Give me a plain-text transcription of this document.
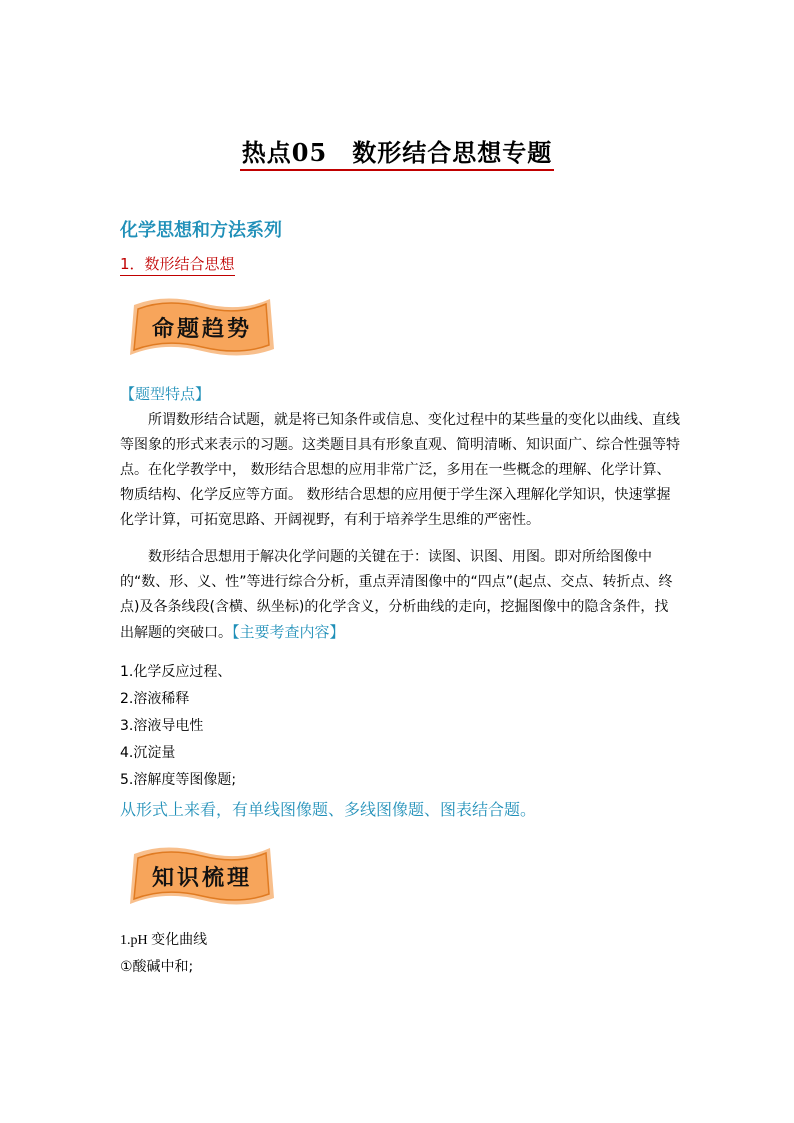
热点05　数形结合思想专题
化学思想和方法系列
1．数形结合思想
命题趋势
【题型特点】

所谓数形结合试题，就是将已知条件或信息、变化过程中的某些量的变化以曲线、直线等图象的形式来表示的习题。这类题目具有形象直观、简明清晰、知识面广、综合性强等特点。在化学教学中， 数形结合思想的应用非常广泛，多用在一些概念的理解、化学计算、物质结构、化学反应等方面。 数形结合思想的应用便于学生深入理解化学知识，快速掌握化学计算，可拓宽思路、开阔视野，有利于培养学生思维的严密性。

数形结合思想用于解决化学问题的关键在于：读图、识图、用图。即对所给图像中的“数、形、义、性”等进行综合分析，重点弄清图像中的“四点”(起点、交点、转折点、终点)及各条线段(含横、纵坐标)的化学含义，分析曲线的走向，挖掘图像中的隐含条件，找出解题的突破口。【主要考查内容】

1.化学反应过程、
2.溶液稀释
3.溶液导电性
4.沉淀量
5.溶解度等图像题;
从形式上来看，有单线图像题、多线图像题、图表结合题。
知识梳理
1.pH 变化曲线
①酸碱中和;
